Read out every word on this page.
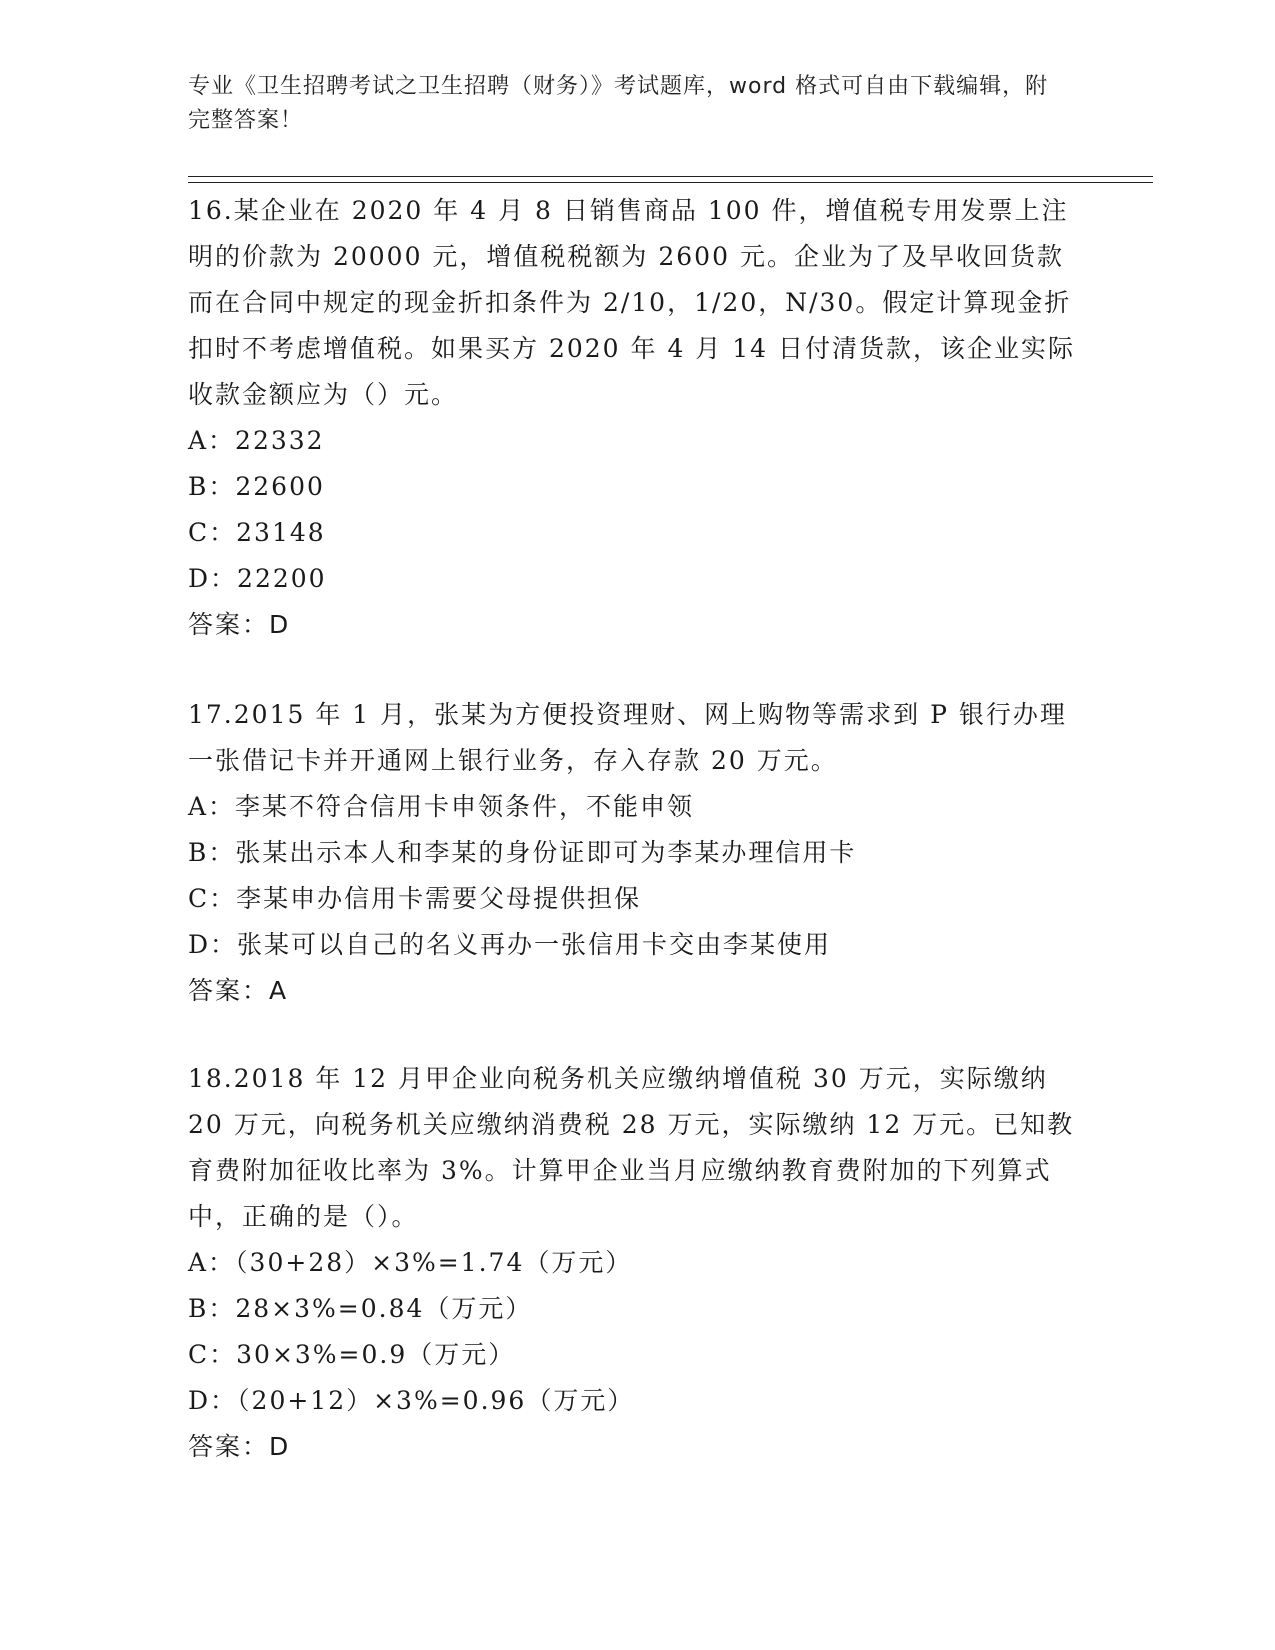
专业《卫生招聘考试之卫生招聘（财务）》考试题库，word 格式可自由下载编辑，附完整答案！

16.某企业在 2020 年 4 月 8 日销售商品 100 件，增值税专用发票上注明的价款为 20000 元，增值税税额为 2600 元。企业为了及早收回货款而在合同中规定的现金折扣条件为 2/10，1/20，N/30。假定计算现金折扣时不考虑增值税。如果买方 2020 年 4 月 14 日付清货款，该企业实际收款金额应为（）元。

A：22332

B：22600

C：23148

D：22200

答案：D

17.2015 年 1 月，张某为方便投资理财、网上购物等需求到 P 银行办理一张借记卡并开通网上银行业务，存入存款 20 万元。

A：李某不符合信用卡申领条件，不能申领

B：张某出示本人和李某的身份证即可为李某办理信用卡

C：李某申办信用卡需要父母提供担保

D：张某可以自己的名义再办一张信用卡交由李某使用

答案：A

18.2018 年 12 月甲企业向税务机关应缴纳增值税 30 万元，实际缴纳 20 万元，向税务机关应缴纳消费税 28 万元，实际缴纳 12 万元。已知教育费附加征收比率为 3%。计算甲企业当月应缴纳教育费附加的下列算式中，正确的是（）。

A：（30+28）×3%=1.74（万元）

B：28×3%=0.84（万元）

C：30×3%=0.9（万元）

D：（20+12）×3%=0.96（万元）

答案：D
